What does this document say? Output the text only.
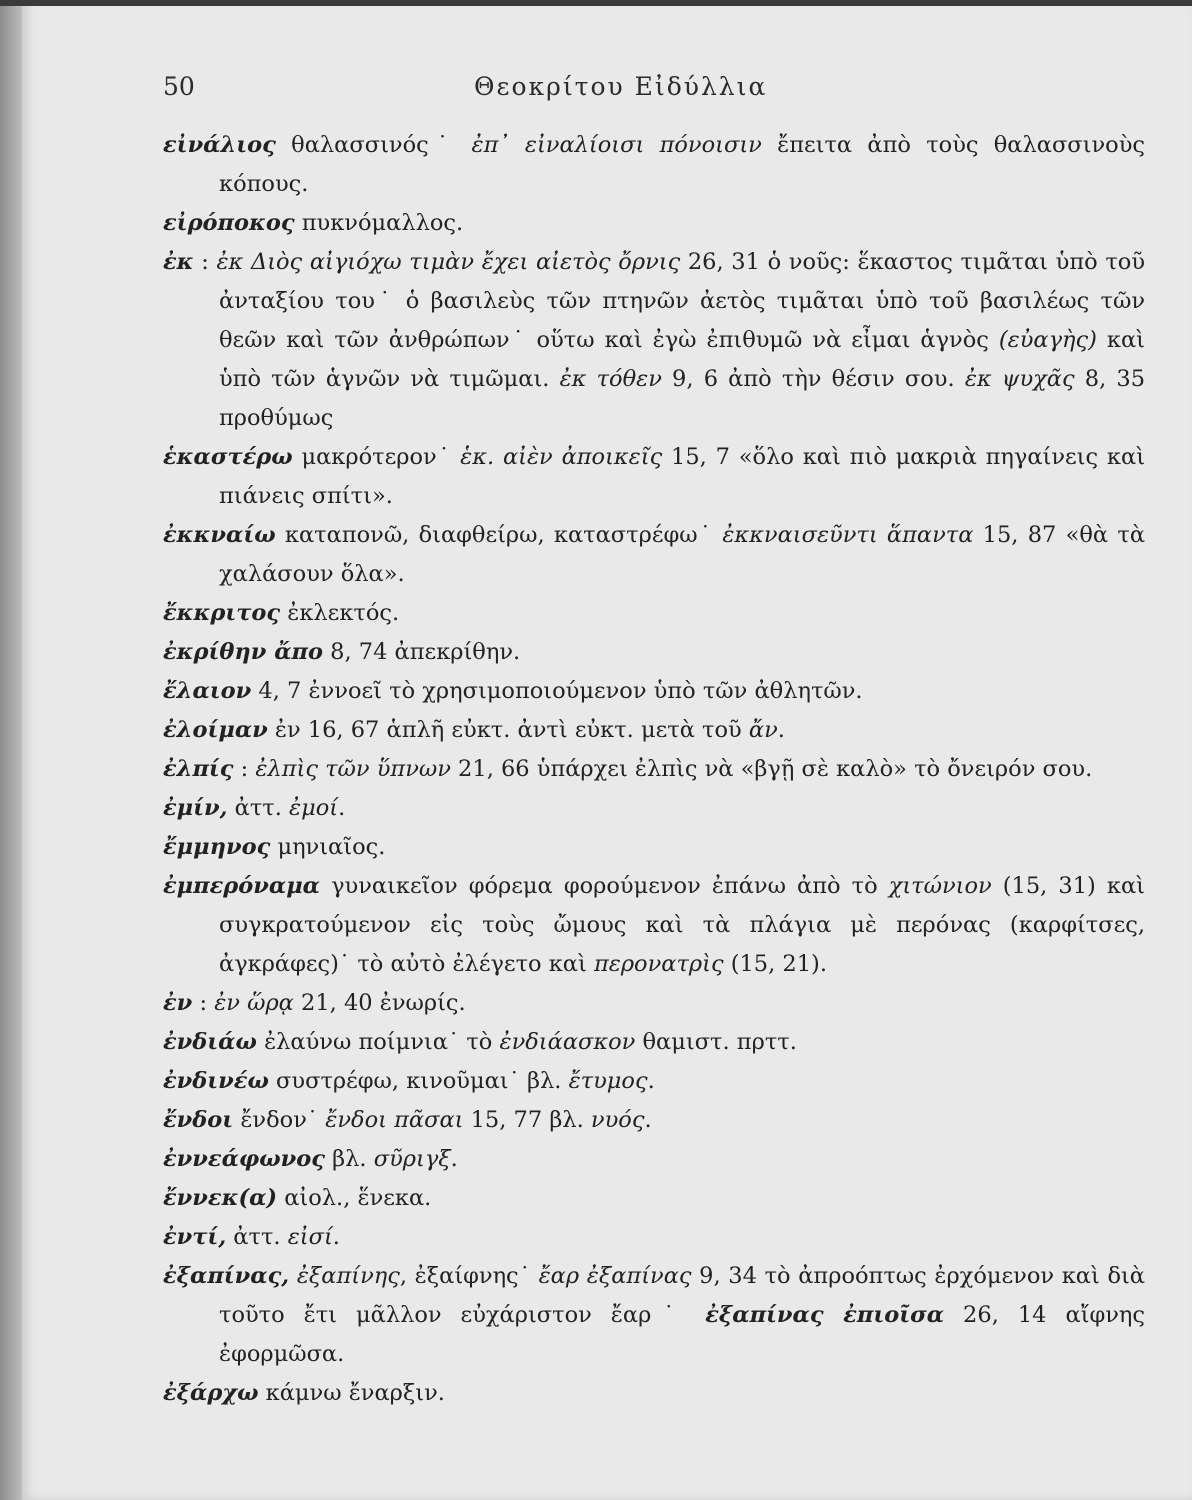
50	Θεοκρίτου Εἰδύλλια

εἰνάλιος θαλασσινός˙ ἐπ᾽ εἰναλίοισι πόνοισιν ἔπειτα ἀπὸ τοὺς θαλασσινοὺς κόπους.

εἰρόποκος πυκνόμαλλος.

ἐκ : ἐκ Διὸς αἰγιόχω τιμὰν ἔχει αἰετὸς ὄρνις 26, 31 ὁ νοῦς: ἕκαστος τιμᾶται ὑπὸ τοῦ ἀνταξίου του˙ ὁ βασιλεὺς τῶν πτηνῶν ἀετὸς τιμᾶται ὑπὸ τοῦ βασιλέως τῶν θεῶν καὶ τῶν ἀνθρώπων˙ οὕτω καὶ ἐγὼ ἐπιθυμῶ νὰ εἶμαι ἁγνὸς (εὐαγὴς) καὶ ὑπὸ τῶν ἁγνῶν νὰ τιμῶμαι. ἐκ τόθεν 9, 6 ἀπὸ τὴν θέσιν σου. ἐκ ψυχᾶς 8, 35 προθύμως

ἑκαστέρω μακρότερον˙ ἑκ. αἰὲν ἀποικεῖς 15, 7 «ὅλο καὶ πιὸ μακριὰ πηγαίνεις καὶ πιάνεις σπίτι».

ἐκκναίω καταπονῶ, διαφθείρω, καταστρέφω˙ ἐκκναισεῦντι ἅπαντα 15, 87 «θὰ τὰ χαλάσουν ὅλα».

ἔκκριτος ἐκλεκτός.

ἐκρίθην ἄπο 8, 74 ἀπεκρίθην.

ἔλαιον 4, 7 ἐννοεῖ τὸ χρησιμοποιούμενον ὑπὸ τῶν ἀθλητῶν.

ἐλοίμαν ἐν 16, 67 ἁπλῆ εὐκτ. ἀντὶ εὐκτ. μετὰ τοῦ ἄν.

ἐλπίς : ἐλπὶς τῶν ὕπνων 21, 66 ὑπάρχει ἐλπὶς νὰ «βγῇ σὲ καλὸ» τὸ ὄνειρόν σου.

ἐμίν, ἀττ. ἐμοί.

ἔμμηνος μηνιαῖος.

ἐμπερόναμα γυναικεῖον φόρεμα φορούμενον ἐπάνω ἀπὸ τὸ χιτώνιον (15, 31) καὶ συγκρατούμενον εἰς τοὺς ὤμους καὶ τὰ πλάγια μὲ περόνας (καρφίτσες, ἀγκράφες)˙ τὸ αὐτὸ ἐλέγετο καὶ περονατρὶς (15, 21).

ἐν : ἐν ὥρᾳ 21, 40 ἐνωρίς.

ἐνδιάω ἐλαύνω ποίμνια˙ τὸ ἐνδιάασκον θαμιστ. πρττ.

ἐνδινέω συστρέφω, κινοῦμαι˙ βλ. ἔτυμος.

ἔνδοι ἔνδον˙ ἔνδοι πᾶσαι 15, 77 βλ. νυός.

ἐννεάφωνος βλ. σῦριγξ.

ἔννεκ(α) αἰολ., ἕνεκα.

ἐντί, ἀττ. εἰσί.

ἐξαπίνας, ἐξαπίνης, ἐξαίφνης˙ ἔαρ ἐξαπίνας 9, 34 τὸ ἀπροόπτως ἐρχόμενον καὶ διὰ τοῦτο ἔτι μᾶλλον εὐχάριστον ἔαρ˙ ἐξαπίνας ἐπιοῖσα 26, 14 αἴφνης ἐφορμῶσα.

ἐξάρχω κάμνω ἔναρξιν.
